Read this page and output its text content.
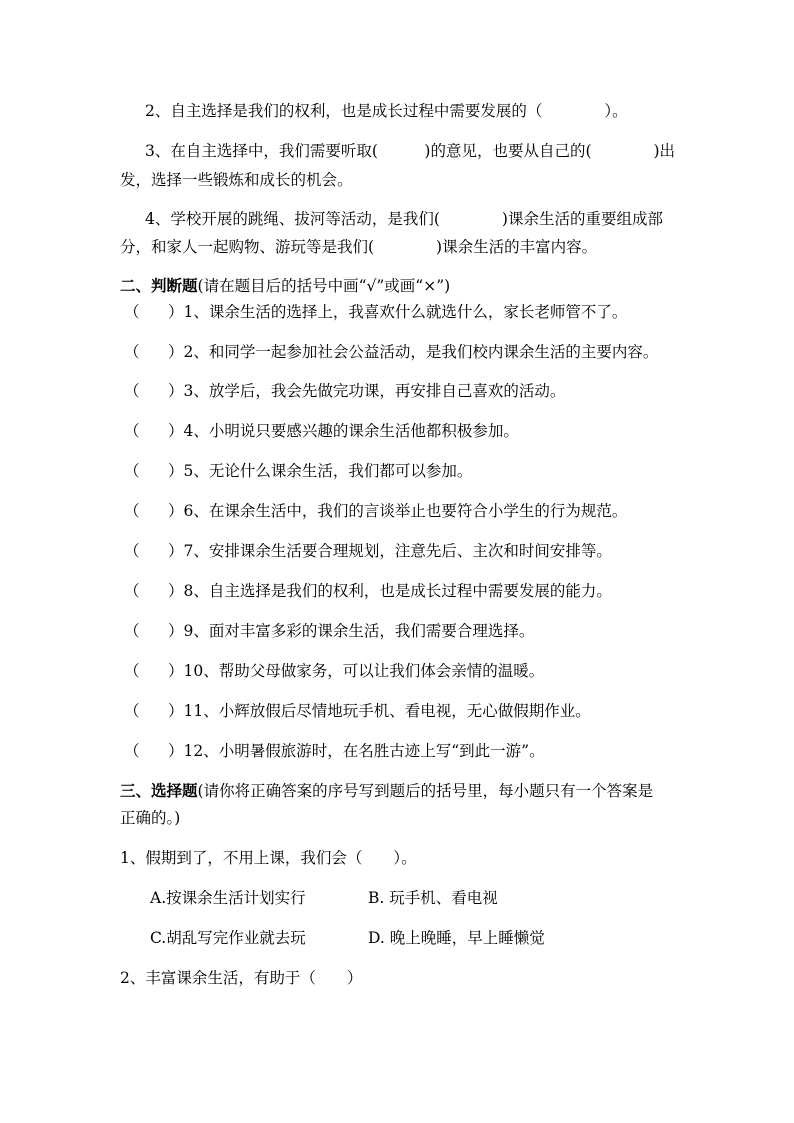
2、自主选择是我们的权利，也是成长过程中需要发展的（　　　　）。
3、在自主选择中，我们需要听取(　　　)的意见，也要从自己的(　　　　)出
发，选择一些锻炼和成长的机会。
4、学校开展的跳绳、拔河等活动，是我们(　　　　)课余生活的重要组成部
分，和家人一起购物、游玩等是我们(　　　　)课余生活的丰富内容。
二、判断题(请在题目后的括号中画“√”或画“×”)
（ ）1、课余生活的选择上，我喜欢什么就选什么，家长老师管不了。
（ ）2、和同学一起参加社会公益活动，是我们校内课余生活的主要内容。
（ ）3、放学后，我会先做完功课，再安排自己喜欢的活动。
（ ）4、小明说只要感兴趣的课余生活他都积极参加。
（ ）5、无论什么课余生活，我们都可以参加。
（ ）6、在课余生活中，我们的言谈举止也要符合小学生的行为规范。
（ ）7、安排课余生活要合理规划，注意先后、主次和时间安排等。
（ ）8、自主选择是我们的权利，也是成长过程中需要发展的能力。
（ ）9、面对丰富多彩的课余生活，我们需要合理选择。
（ ）10、帮助父母做家务，可以让我们体会亲情的温暖。
（ ）11、小辉放假后尽情地玩手机、看电视，无心做假期作业。
（ ）12、小明暑假旅游时，在名胜古迹上写“到此一游”。
三、选择题(请你将正确答案的序号写到题后的括号里，每小题只有一个答案是
正确的。)
1、假期到了，不用上课，我们会（　　）。
A.按课余生活计划实行	B. 玩手机、看电视
C.胡乱写完作业就去玩	D. 晚上晚睡，早上睡懒觉
2、丰富课余生活，有助于（　　）
